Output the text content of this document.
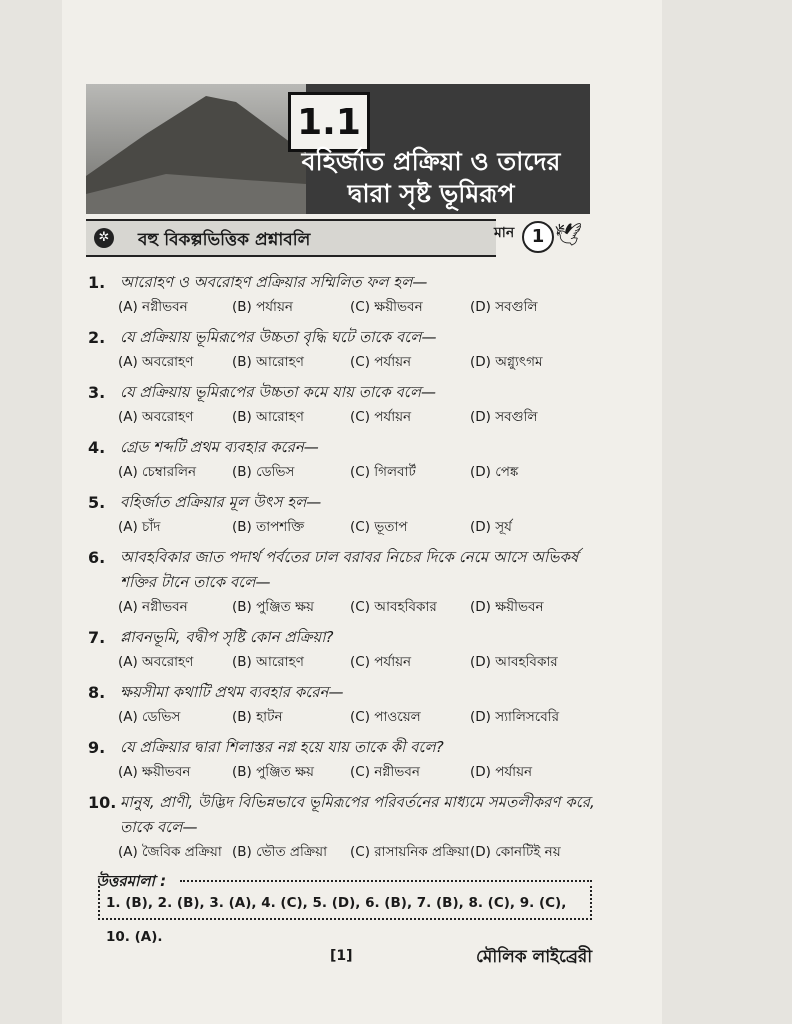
1.1
বহির্জাত প্রক্রিয়া ও তাদের
দ্বারা সৃষ্ট ভূমিরূপ
✲ বহু বিকল্পভিত্তিক প্রশ্নাবলি	মান 1 🕊
1. আরোহণ ও অবরোহণ প্রক্রিয়ার সম্মিলিত ফল হল—
(A) নগ্নীভবন	(B) পর্যায়ন	(C) ক্ষয়ীভবন	(D) সবগুলি
2. যে প্রক্রিয়ায় ভূমিরূপের উচ্চতা বৃদ্ধি ঘটে তাকে বলে—
(A) অবরোহণ	(B) আরোহণ	(C) পর্যায়ন	(D) অগ্ন্যুৎগম
3. যে প্রক্রিয়ায় ভূমিরূপের উচ্চতা কমে যায় তাকে বলে—
(A) অবরোহণ	(B) আরোহণ	(C) পর্যায়ন	(D) সবগুলি
4. গ্রেড শব্দটি প্রথম ব্যবহার করেন—
(A) চেম্বারলিন	(B) ডেভিস	(C) গিলবার্ট	(D) পেঙ্ক
5. বহির্জাত প্রক্রিয়ার মূল উৎস হল—
(A) চাঁদ	(B) তাপশক্তি	(C) ভূতাপ	(D) সূর্য
6. আবহবিকার জাত পদার্থ পর্বতের ঢাল বরাবর নিচের দিকে নেমে আসে অভিকর্ষ শক্তির টানে তাকে বলে—
(A) নগ্নীভবন	(B) পুঞ্জিত ক্ষয়	(C) আবহবিকার	(D) ক্ষয়ীভবন
7. প্লাবনভূমি, বদ্বীপ সৃষ্টি কোন প্রক্রিয়া?
(A) অবরোহণ	(B) আরোহণ	(C) পর্যায়ন	(D) আবহবিকার
8. ক্ষয়সীমা কথাটি প্রথম ব্যবহার করেন—
(A) ডেভিস	(B) হাটন	(C) পাওয়েল	(D) স্যালিসবেরি
9. যে প্রক্রিয়ার দ্বারা শিলাস্তর নগ্ন হয়ে যায় তাকে কী বলে?
(A) ক্ষয়ীভবন	(B) পুঞ্জিত ক্ষয়	(C) নগ্নীভবন	(D) পর্যায়ন
10. মানুষ, প্রাণী, উদ্ভিদ বিভিন্নভাবে ভূমিরূপের পরিবর্তনের মাধ্যমে সমতলীকরণ করে, তাকে বলে—
(A) জৈবিক প্রক্রিয়া (B) ভৌত প্রক্রিয়া	(C) রাসায়নিক প্রক্রিয়া (D) কোনটিই নয়
উত্তরমালা :
1. (B), 2. (B), 3. (A), 4. (C), 5. (D), 6. (B), 7. (B), 8. (C), 9. (C), 10. (A).
[1]	মৌলিক লাইব্রেরী
